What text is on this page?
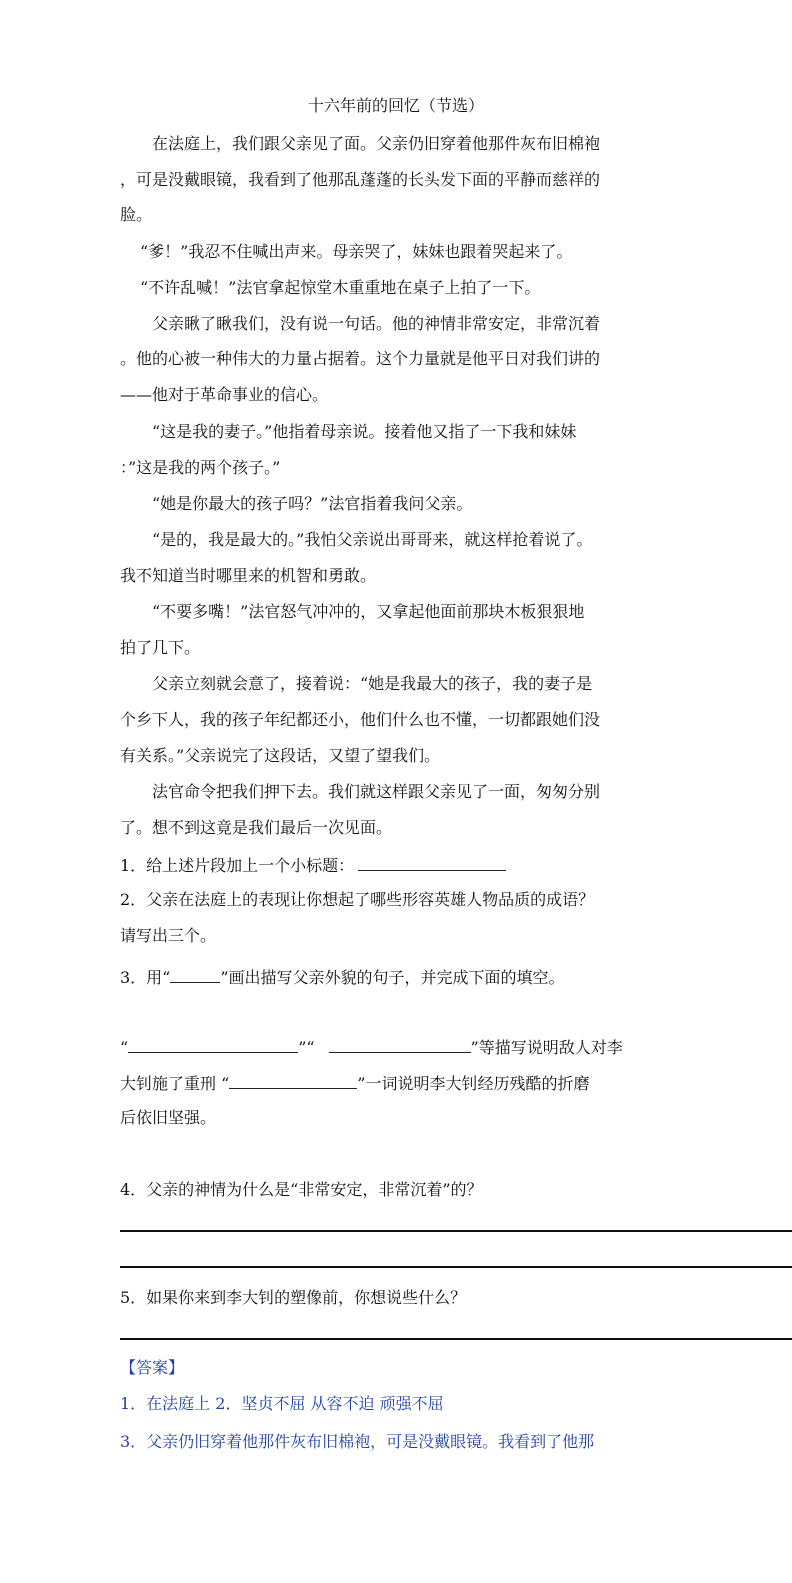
十六年前的回忆（节选）
在法庭上，我们跟父亲见了面。父亲仍旧穿着他那件灰布旧棉袍
，可是没戴眼镜，我看到了他那乱蓬蓬的长头发下面的平静而慈祥的
脸。
“爹！”我忍不住喊出声来。母亲哭了，妹妹也跟着哭起来了。
“不许乱喊！”法官拿起惊堂木重重地在桌子上拍了一下。
父亲瞅了瞅我们，没有说一句话。他的神情非常安定，非常沉着
。他的心被一种伟大的力量占据着。这个力量就是他平日对我们讲的
——他对于革命事业的信心。
“这是我的妻子。”他指着母亲说。接着他又指了一下我和妹妹
：”这是我的两个孩子。”
“她是你最大的孩子吗？”法官指着我问父亲。
“是的，我是最大的。”我怕父亲说出哥哥来，就这样抢着说了。
我不知道当时哪里来的机智和勇敢。
“不要多嘴！”法官怒气冲冲的，又拿起他面前那块木板狠狠地
拍了几下。
父亲立刻就会意了，接着说：“她是我最大的孩子，我的妻子是
个乡下人，我的孩子年纪都还小，他们什么也不懂，一切都跟她们没
有关系。”父亲说完了这段话，又望了望我们。
法官命令把我们押下去。我们就这样跟父亲见了一面，匆匆分别
了。想不到这竟是我们最后一次见面。
1．给上述片段加上一个小标题：
2．父亲在法庭上的表现让你想起了哪些形容英雄人物品质的成语？
请写出三个。
3．用“	”画出描写父亲外貌的句子，并完成下面的填空。
“	”“	”等描写说明敌人对李
大钊施了重刑 “	”一词说明李大钊经历残酷的折磨
后依旧坚强。
4．父亲的神情为什么是“非常安定，非常沉着”的？
5．如果你来到李大钊的塑像前，你想说些什么？
【答案】
1．在法庭上 2．坚贞不屈 从容不迫 顽强不屈
3．父亲仍旧穿着他那件灰布旧棉袍，可是没戴眼镜。我看到了他那
